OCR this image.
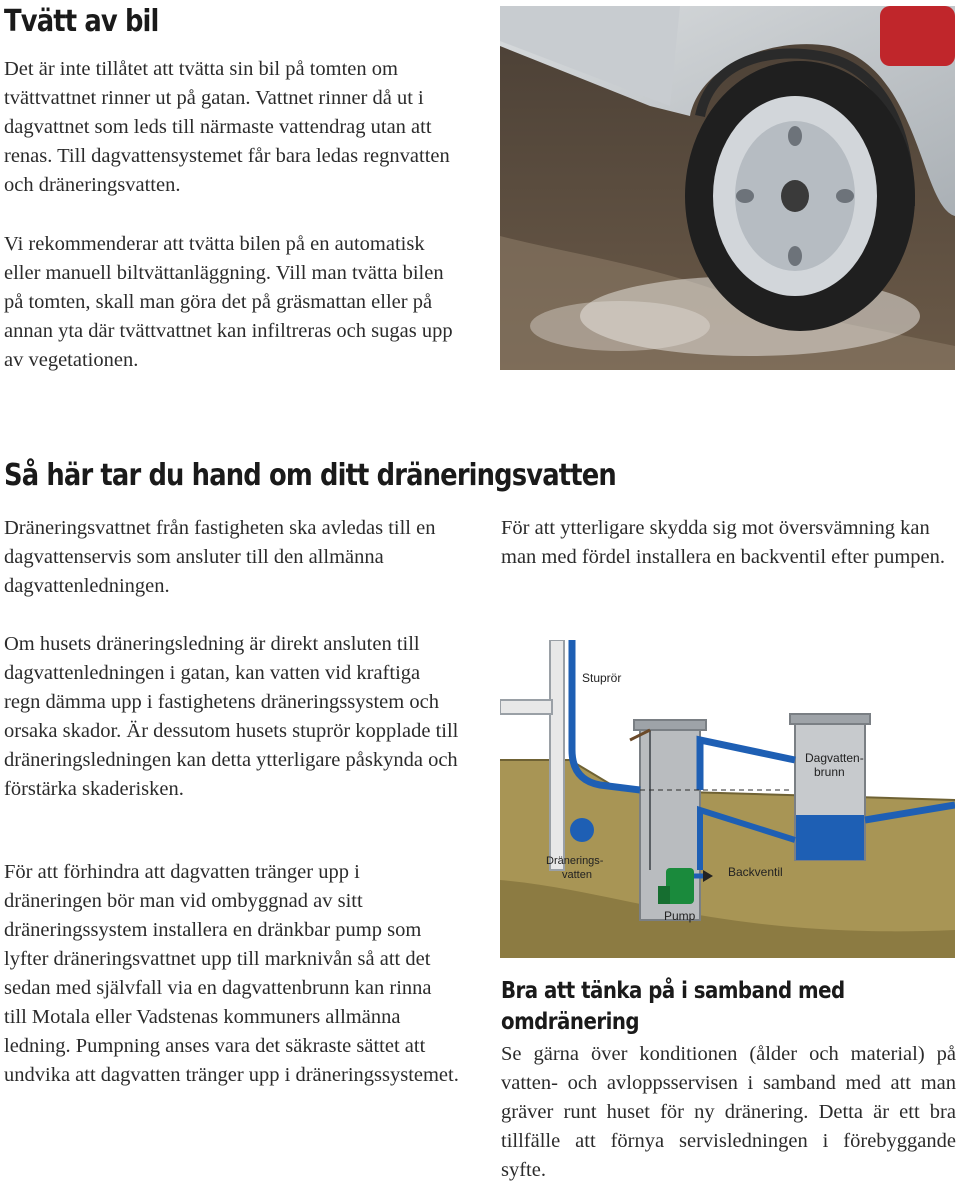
Tvätt av bil

Det är inte tillåtet att tvätta sin bil på tomten om tvättvattnet rinner ut på gatan. Vattnet rinner då ut i dagvattnet som leds till närmaste vattendrag utan att renas. Till dagvattensystemet får bara ledas regnvatten och dräneringsvatten.

Vi rekommenderar att tvätta bilen på en automatisk eller manuell biltvättanläggning. Vill man tvätta bilen på tomten, skall man göra det på gräsmattan eller på annan yta där tvättvattnet kan infiltreras och sugas upp av vegetationen.

Så här tar du hand om ditt dräneringsvatten

Dräneringsvattnet från fastigheten ska avledas till en dagvattenservis som ansluter till den allmänna dagvattenledningen.

Om husets dräneringsledning är direkt ansluten till dagvattenledningen i gatan, kan vatten vid kraftiga regn dämma upp i fastighetens dräneringssystem och orsaka skador. Är dessutom husets stuprör kopplade till dräneringsledningen kan detta ytterligare påskynda och förstärka skaderisken.

För att förhindra att dagvatten tränger upp i dräneringen bör man vid ombyggnad av sitt dräneringssystem installera en dränkbar pump som lyfter dräneringsvattnet upp till marknivån så att det sedan med självfall via en dagvattenbrunn kan rinna till Motala eller Vadstenas kommuners allmänna ledning. Pumpning anses vara det säkraste sättet att undvika att dagvatten tränger upp i dräneringssystemet.

För att ytterligare skydda sig mot översvämning kan man med fördel installera en backventil efter pumpen.

Stuprör
Dagvatten-
brunn
Dränerings-
vatten	Backventil
Pump
Bra att tänka på i samband med omdränering

Se gärna över konditionen (ålder och material) på vatten- och avloppsservisen i samband med att man gräver runt huset för ny dränering. Detta är ett bra tillfälle att förnya servisledningen i förebyggande syfte.
